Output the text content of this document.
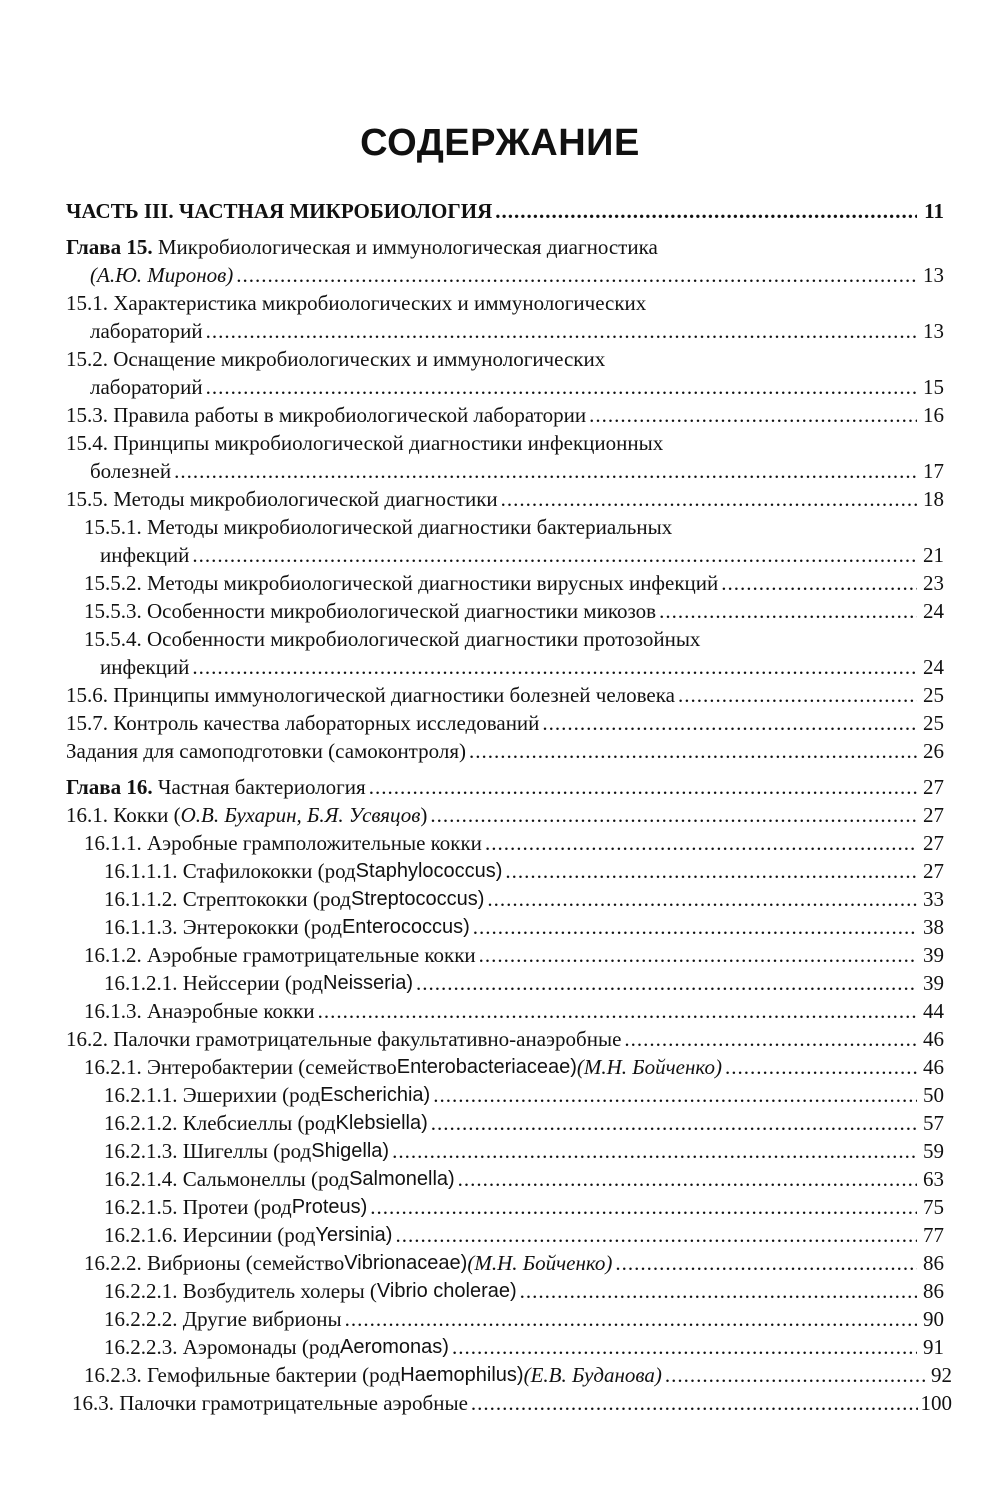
СОДЕРЖАНИЕ
ЧАСТЬ III. ЧАСТНАЯ МИКРОБИОЛОГИЯ .....	11
Глава 15.
Микробиологическая и иммунологическая диагностика
(А.Ю. Миронов) .....	13
15.1. Характеристика микробиологических и иммунологических
лабораторий .....	13
15.2. Оснащение микробиологических и иммунологических
лабораторий .....	15
15.3. Правила работы в микробиологической лаборатории .....	16
15.4. Принципы микробиологической диагностики инфекционных
болезней .....	17
15.5. Методы микробиологической диагностики .....	18
15.5.1. Методы микробиологической диагностики бактериальных
инфекций .....	21
15.5.2. Методы микробиологической диагностики вирусных инфекций .....	23
15.5.3. Особенности микробиологической диагностики микозов .....	24
15.5.4. Особенности микробиологической диагностики протозойных
инфекций .....	24
15.6. Принципы иммунологической диагностики болезней человека .....	25
15.7. Контроль качества лабораторных исследований .....	25
Задания для самоподготовки (самоконтроля) .....	26
Глава 16.
Частная бактериология .....	27
16.1. Кокки ( О.В. Бухарин, Б.Я. Усвяцов ) .....	27
16.1.1. Аэробные грамположительные кокки .....	27
16.1.1.1. Стафилококки (род Staphylococcus) .....	27
16.1.1.2. Стрептококки (род Streptococcus) .....	33
16.1.1.3. Энтерококки (род Enterococcus) .....	38
16.1.2. Аэробные грамотрицательные кокки .....	39
16.1.2.1. Нейссерии (род Neisseria) .....	39
16.1.3. Анаэробные кокки .....	44
16.2. Палочки грамотрицательные факультативно-анаэробные .....	46
16.2.1. Энтеробактерии (семейство Enterobacteriaceae) (М.Н. Бойченко) .....	46
16.2.1.1. Эшерихии (род Escherichia) .....	50
16.2.1.2. Клебсиеллы (род Klebsiella) .....	57
16.2.1.3. Шигеллы (род Shigella) .....	59
16.2.1.4. Сальмонеллы (род Salmonella) .....	63
16.2.1.5. Протеи (род Proteus) .....	75
16.2.1.6. Иерсинии (род Yersinia) .....	77
16.2.2. Вибрионы (семейство Vibrionaceae) (М.Н. Бойченко) .....	86
16.2.2.1. Возбудитель холеры ( Vibrio cholerae) .....	86
16.2.2.2. Другие вибрионы .....	90
16.2.2.3. Аэромонады (род Aeromonas) .....	91
16.2.3. Гемофильные бактерии (род Haemophilus) (Е.В. Буданова) .....	92
16.3. Палочки грамотрицательные аэробные .....	100
